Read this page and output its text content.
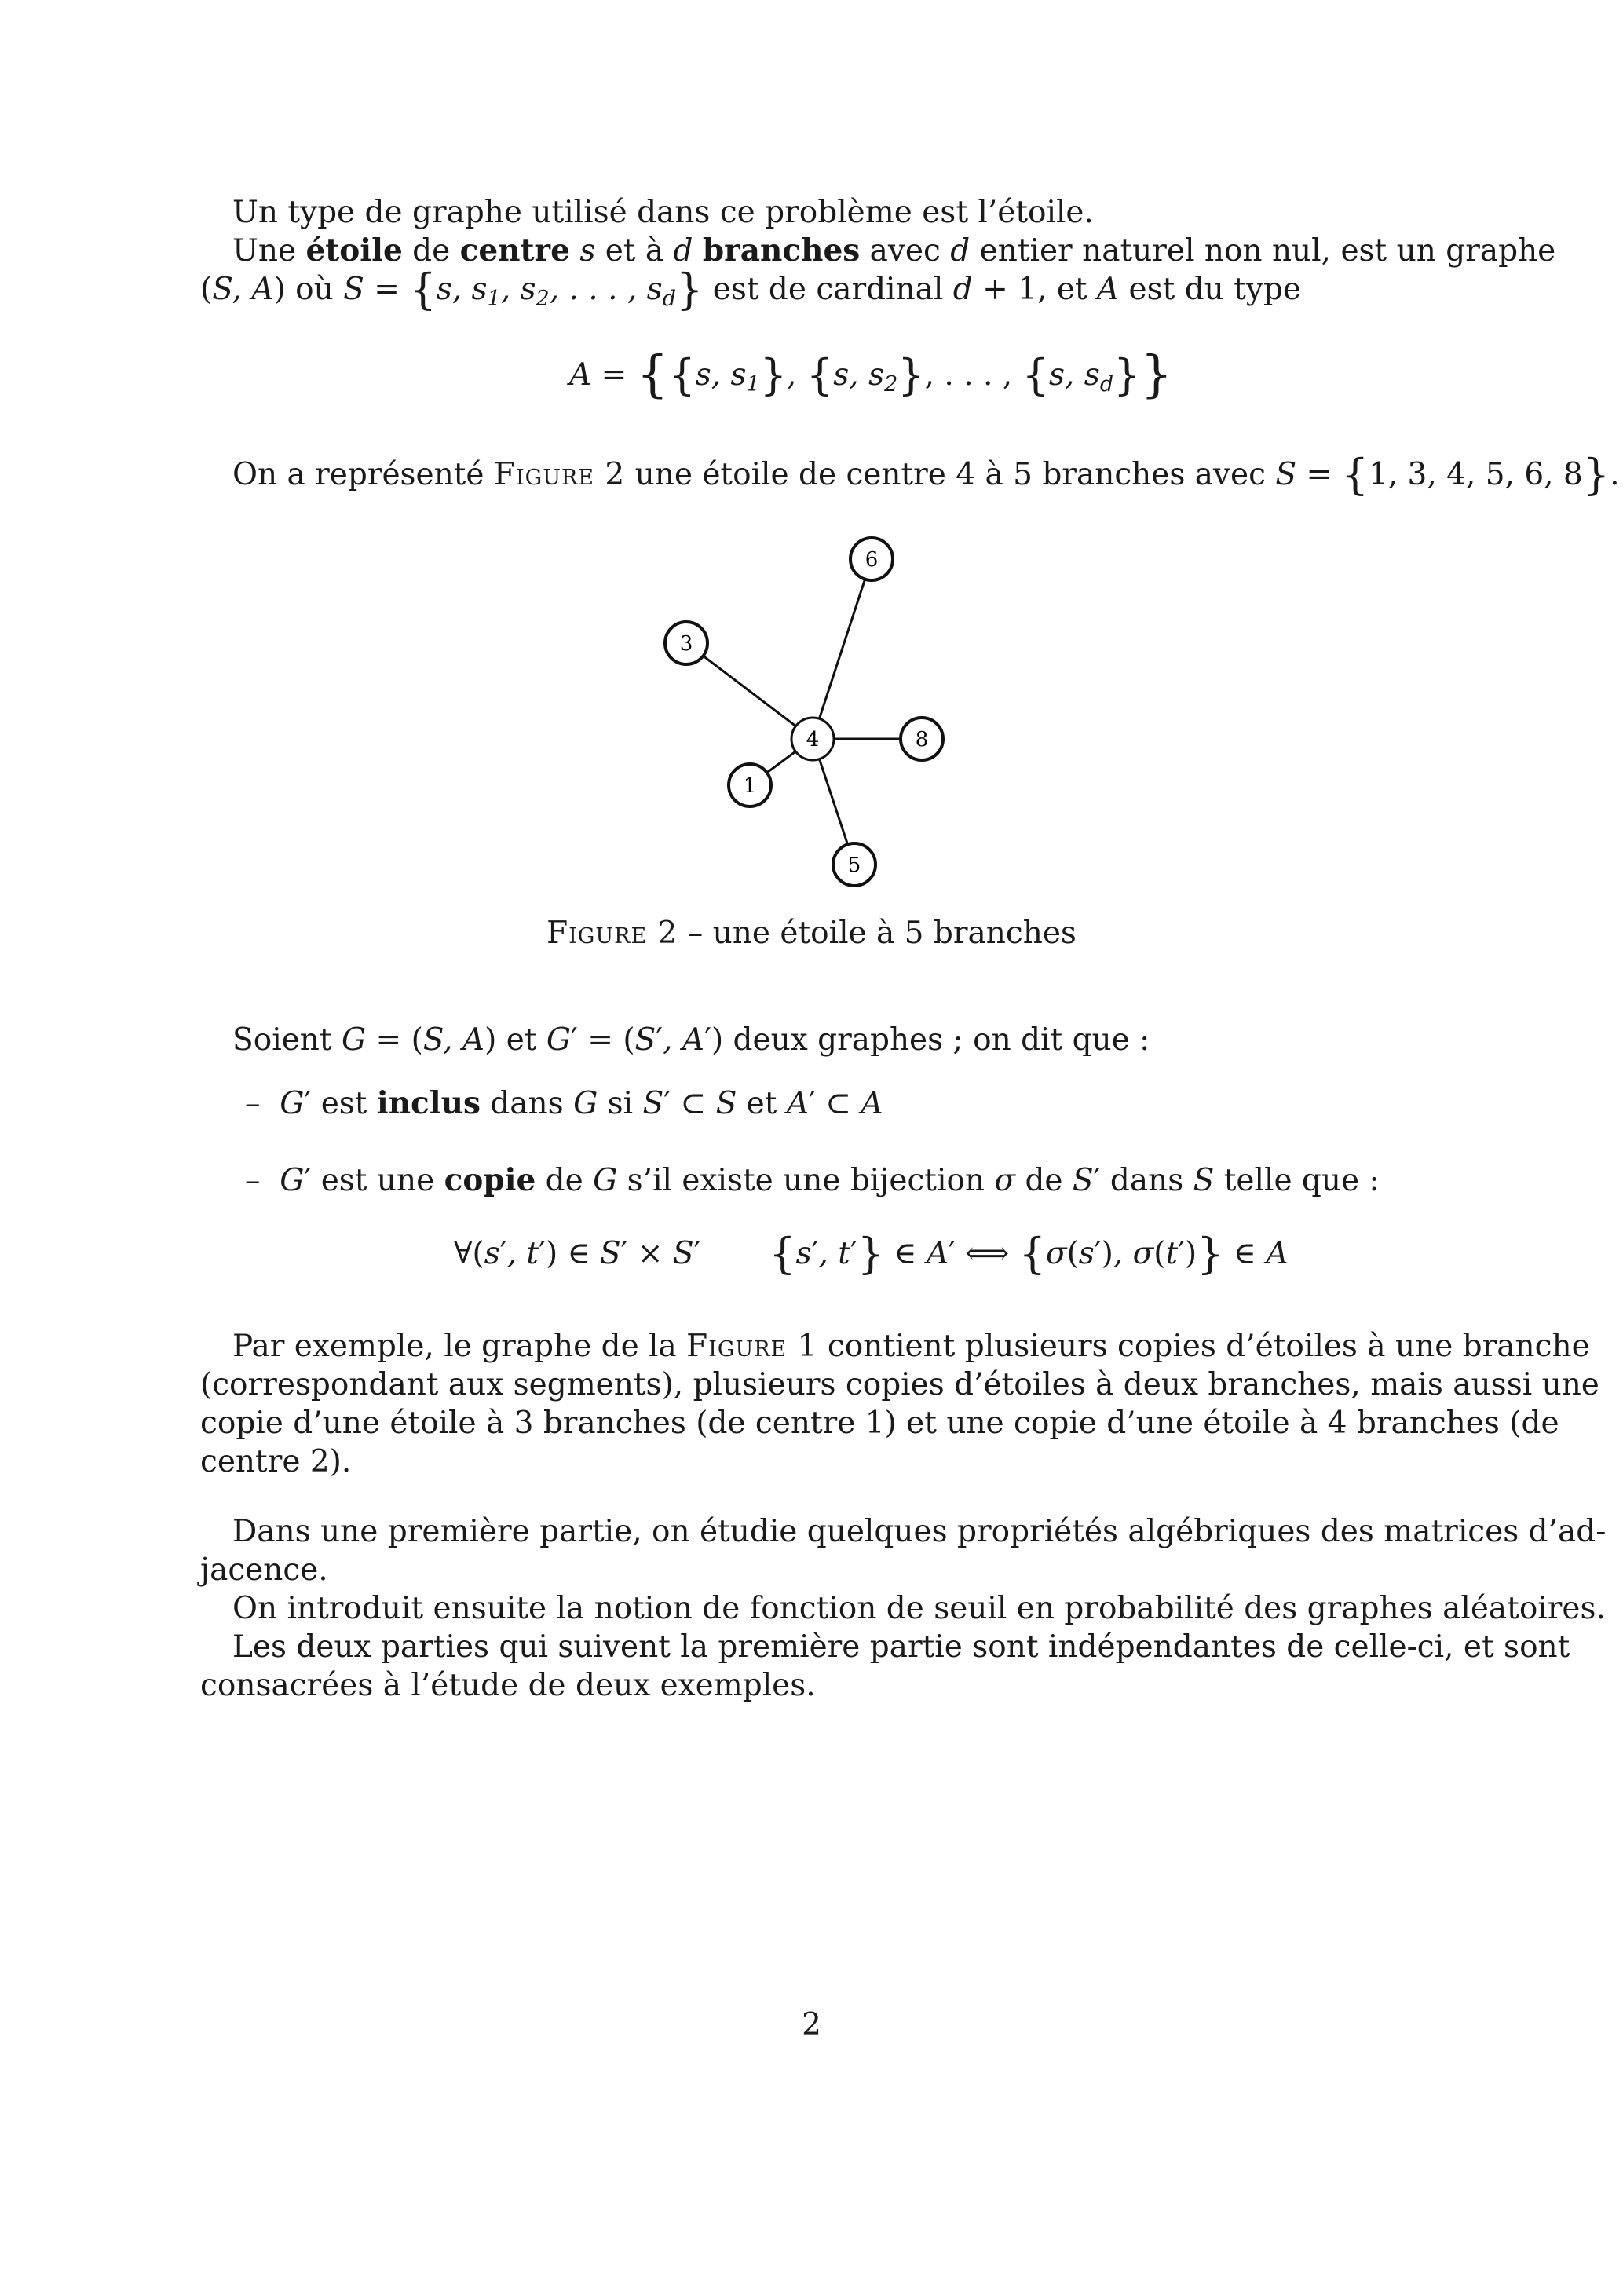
Un type de graphe utilisé dans ce problème est l’étoile.
Une étoile de centre s et à d branches avec d entier naturel non nul, est un graphe
(S, A) où S = {s, $s_1$, $s_2$, . . . , $s_d$} est de cardinal d + 1, et A est du type
A = {{s, $s_1$}, {s, $s_2$}, . . . , {s, $s_d$}}
On a représenté Figure 2 une étoile de centre 4 à 5 branches avec S = {1, 3, 4, 5, 6, 8}.
6
3
4	8
1
5
Figure 2 – une étoile à 5 branches
Soient G = (S, A) et G′ = (S′, A′) deux graphes ; on dit que :
–  G′ est inclus dans G si S′ ⊂ S et A′ ⊂ A
–  G′ est une copie de G s’il existe une bijection σ de S′ dans S telle que :
∀(s′, t′) ∈ S′ × S′       {s′, t′} ∈ A′ ⟺ {σ(s′), σ(t′)} ∈ A
Par exemple, le graphe de la Figure 1 contient plusieurs copies d’étoiles à une branche
(correspondant aux segments), plusieurs copies d’étoiles à deux branches, mais aussi une
copie d’une étoile à 3 branches (de centre 1) et une copie d’une étoile à 4 branches (de
centre 2).
Dans une première partie, on étudie quelques propriétés algébriques des matrices d’ad-
jacence.
On introduit ensuite la notion de fonction de seuil en probabilité des graphes aléatoires.
Les deux parties qui suivent la première partie sont indépendantes de celle-ci, et sont
consacrées à l’étude de deux exemples.
2
